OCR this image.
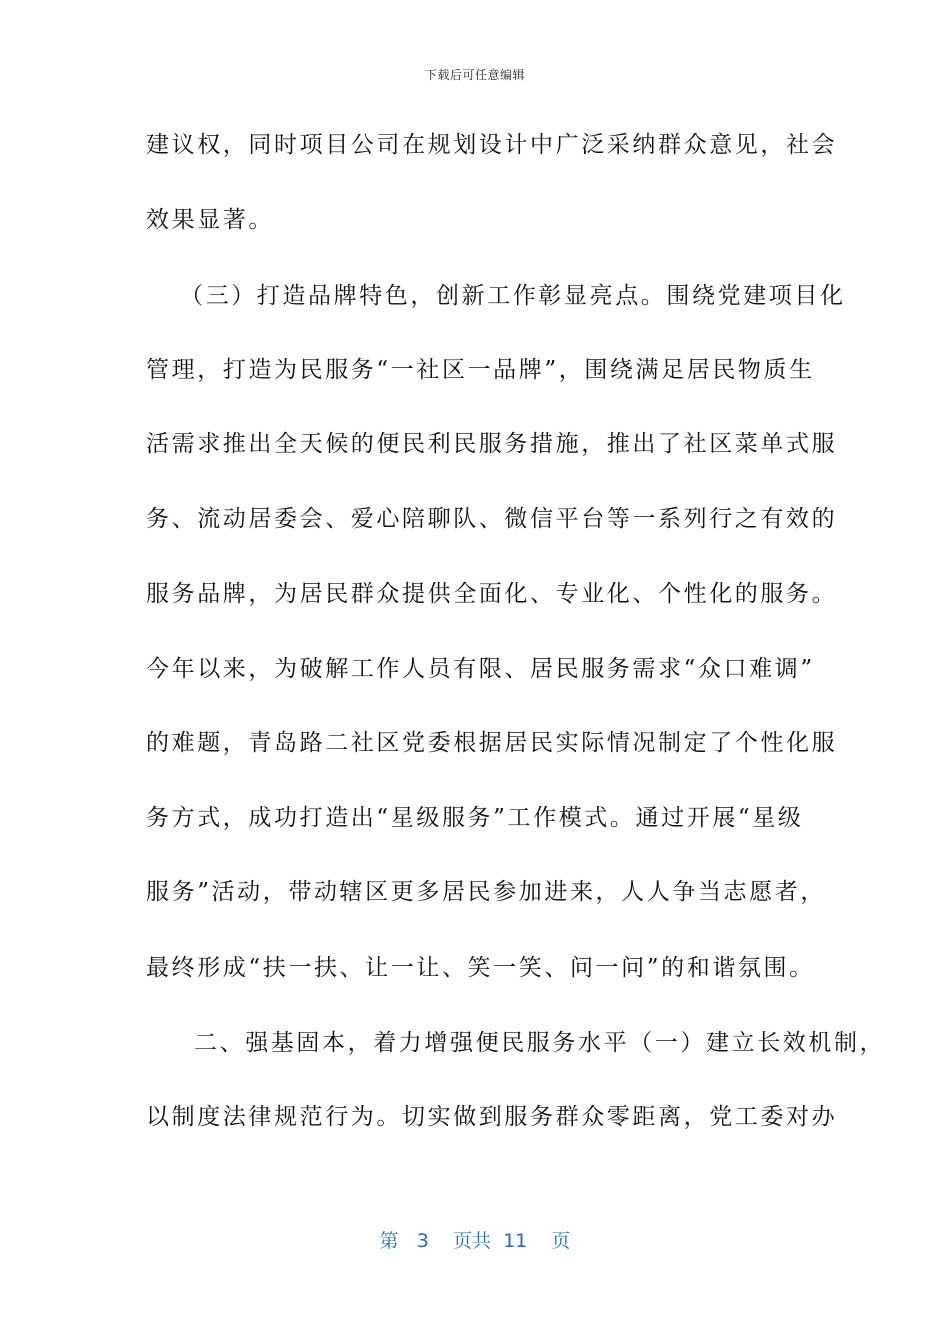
下载后可任意编辑
建议权，同时项目公司在规划设计中广泛采纳群众意见，社会
效果显著。
（三）打造品牌特色，创新工作彰显亮点。围绕党建项目化
管理，打造为民服务“一社区一品牌”，围绕满足居民物质生
活需求推出全天候的便民利民服务措施，推出了社区菜单式服
务、流动居委会、爱心陪聊队、微信平台等一系列行之有效的
服务品牌，为居民群众提供全面化、专业化、个性化的服务。
今年以来，为破解工作人员有限、居民服务需求“众口难调”
的难题，青岛路二社区党委根据居民实际情况制定了个性化服
务方式，成功打造出“星级服务”工作模式。通过开展“星级
服务”活动，带动辖区更多居民参加进来，人人争当志愿者，
最终形成“扶一扶、让一让、笑一笑、问一问”的和谐氛围。
二、强基固本，着力增强便民服务水平（一）建立长效机制，
以制度法律规范行为。切实做到服务群众零距离，党工委对办
第 3 页共 11 页
